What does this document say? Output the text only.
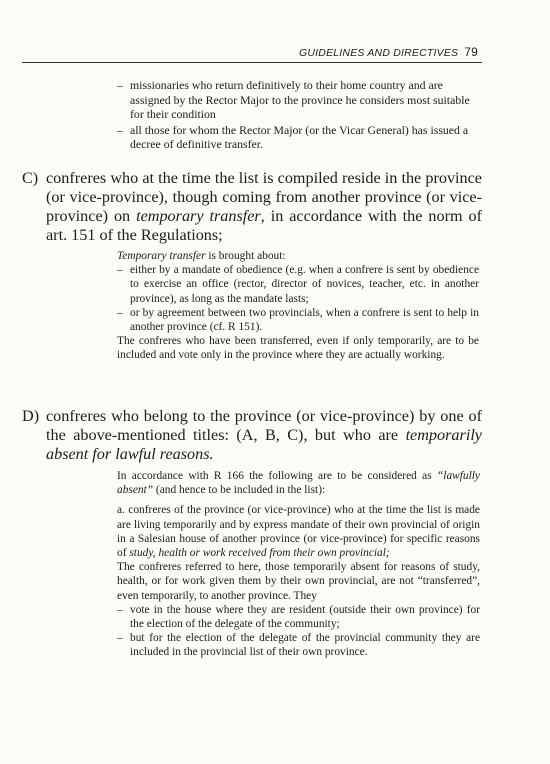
GUIDELINES AND DIRECTIVES 79
– missionaries who return definitively to their home country and are assigned by the Rector Major to the province he considers most suitable for their condition
– all those for whom the Rector Major (or the Vicar General) has issued a decree of definitive transfer.
C) confreres who at the time the list is compiled reside in the province (or vice-province), though coming from another province (or vice-province) on temporary transfer, in accordance with the norm of art. 151 of the Regulations;

Temporary transfer is brought about:

– either by a mandate of obedience (e.g. when a confrere is sent by obedience to exercise an office (rector, director of novices, teacher, etc. in another province), as long as the mandate lasts;
– or by agreement between two provincials, when a confrere is sent to help in another province (cf. R 151).

The confreres who have been transferred, even if only temporarily, are to be included and vote only in the province where they are actually working.

D) confreres who belong to the province (or vice-province) by one of the above-mentioned titles: (A, B, C), but who are temporarily absent for lawful reasons.

In accordance with R 166 the following are to be considered as “lawfully absent” (and hence to be included in the list):

a. confreres of the province (or vice-province) who at the time the list is made are living temporarily and by express mandate of their own provincial of origin in a Salesian house of another province (or vice-province) for specific reasons of study, health or work received from their own provincial;

The confreres referred to here, those temporarily absent for reasons of study, health, or for work given them by their own provincial, are not “transferred”, even temporarily, to another province. They

– vote in the house where they are resident (outside their own province) for the election of the delegate of the community;
– but for the election of the delegate of the provincial community they are included in the provincial list of their own province.
